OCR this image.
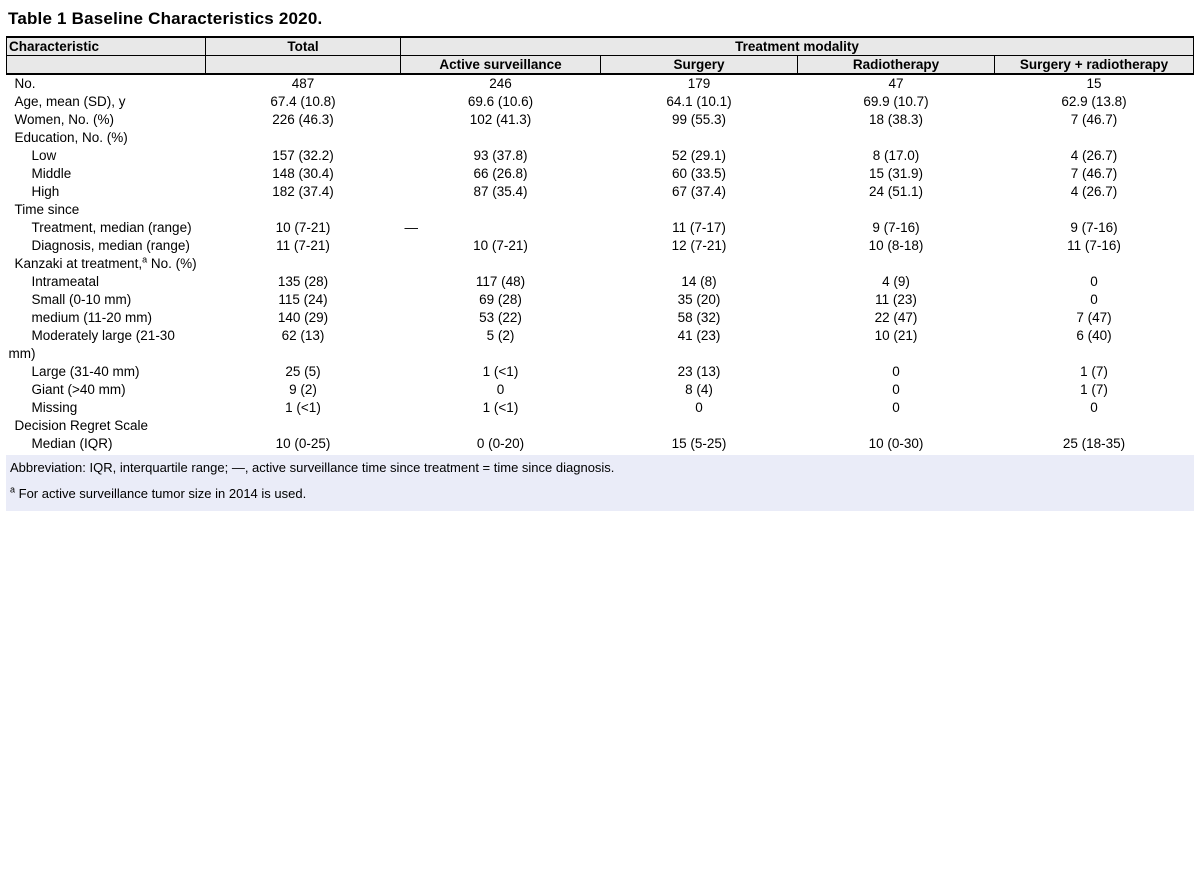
Table 1 Baseline Characteristics 2020.
Characteristic	Total	Treatment modality			
		Active surveillance	Surgery	Radiotherapy	Surgery + radiotherapy
No.	487	246	179	47	15
Age, mean (SD), y	67.4 (10.8)	69.6 (10.6)	64.1 (10.1)	69.9 (10.7)	62.9 (13.8)
Women, No. (%)	226 (46.3)	102 (41.3)	99 (55.3)	18 (38.3)	7 (46.7)
Education, No. (%)					
Low	157 (32.2)	93 (37.8)	52 (29.1)	8 (17.0)	4 (26.7)
Middle	148 (30.4)	66 (26.8)	60 (33.5)	15 (31.9)	7 (46.7)
High	182 (37.4)	87 (35.4)	67 (37.4)	24 (51.1)	4 (26.7)
Time since					
Treatment, median (range)	10 (7-21)	—	11 (7-17)	9 (7-16)	9 (7-16)
Diagnosis, median (range)	11 (7-21)	10 (7-21)	12 (7-21)	10 (8-18)	11 (7-16)
Kanzaki at treatment,$^a$ No. (%)					
Intrameatal	135 (28)	117 (48)	14 (8)	4 (9)	0
Small (0-10 mm)	115 (24)	69 (28)	35 (20)	11 (23)	0
medium (11-20 mm)	140 (29)	53 (22)	58 (32)	22 (47)	7 (47)
Moderately large (21-30 mm)	62 (13)	5 (2)	41 (23)	10 (21)	6 (40)
Large (31-40 mm)	25 (5)	1 (<1)	23 (13)	0	1 (7)
Giant (>40 mm)	9 (2)	0	8 (4)	0	1 (7)
Missing	1 (<1)	1 (<1)	0	0	0
Decision Regret Scale					
Median (IQR)	10 (0-25)	0 (0-20)	15 (5-25)	10 (0-30)	25 (18-35)

Abbreviation: IQR, interquartile range; —, active surveillance time since treatment = time since diagnosis.

$^a$ For active surveillance tumor size in 2014 is used.
